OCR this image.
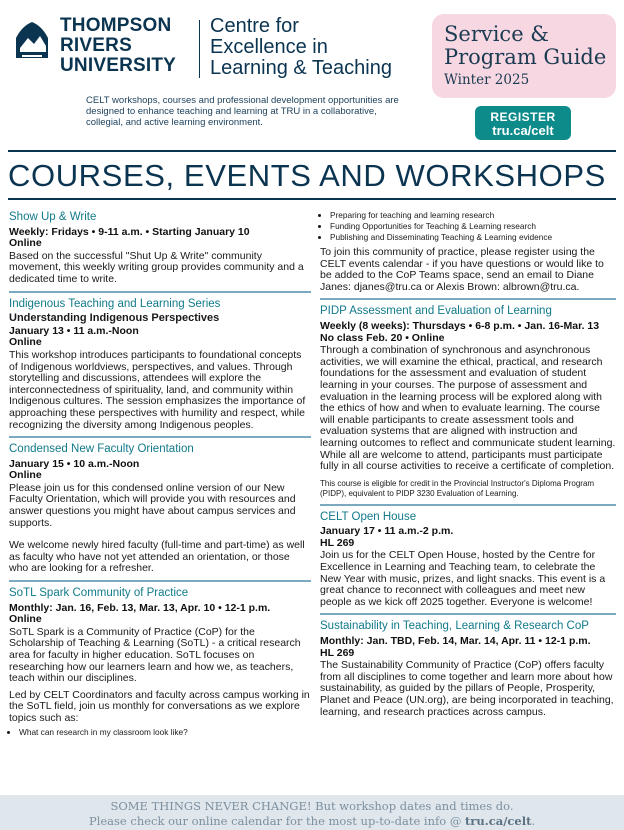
THOMPSON
RIVERS
UNIVERSITY
Centre for
Excellence in
Learning & Teaching
CELT workshops, courses and professional development opportunities are designed to enhance teaching and learning at TRU in a collaborative, collegial, and active learning environment.
Service &
Program Guide
Winter 2025
REGISTER
tru.ca/celt
COURSES, EVENTS AND WORKSHOPS
Show Up & Write
Weekly: Fridays • 9-11 a.m. • Starting January 10
Online
Based on the successful "Shut Up & Write" community movement, this weekly writing group provides community and a dedicated time to write.
Indigenous Teaching and Learning Series
Understanding Indigenous Perspectives
January 13 • 11 a.m.-Noon
Online
This workshop introduces participants to foundational concepts of Indigenous worldviews, perspectives, and values. Through storytelling and discussions, attendees will explore the interconnectedness of spirituality, land, and community within Indigenous cultures. The session emphasizes the importance of approaching these perspectives with humility and respect, while recognizing the diversity among Indigenous peoples.
Condensed New Faculty Orientation
January 15 • 10 a.m.-Noon
Online
Please join us for this condensed online version of our New Faculty Orientation, which will provide you with resources and answer questions you might have about campus services and supports.
We welcome newly hired faculty (full-time and part-time) as well as faculty who have not yet attended an orientation, or those who are looking for a refresher.
SoTL Spark Community of Practice
Monthly: Jan. 16, Feb. 13, Mar. 13, Apr. 10 • 12-1 p.m.
Online
SoTL Spark is a Community of Practice (CoP) for the Scholarship of Teaching & Learning (SoTL) - a critical research area for faculty in higher education. SoTL focuses on researching how our learners learn and how we, as teachers, teach within our disciplines.
Led by CELT Coordinators and faculty across campus working in the SoTL field, join us monthly for conversations as we explore topics such as:
• What can research in my classroom look like?
• Preparing for teaching and learning research
• Funding Opportunities for Teaching & Learning research
• Publishing and Disseminating Teaching & Learning evidence
To join this community of practice, please register using the CELT events calendar - if you have questions or would like to be added to the CoP Teams space, send an email to Diane Janes: djanes@tru.ca or Alexis Brown: albrown@tru.ca.
PIDP Assessment and Evaluation of Learning
Weekly (8 weeks): Thursdays • 6-8 p.m. • Jan. 16-Mar. 13
No class Feb. 20 • Online
Through a combination of synchronous and asynchronous activities, we will examine the ethical, practical, and research foundations for the assessment and evaluation of student learning in your courses. The purpose of assessment and evaluation in the learning process will be explored along with the ethics of how and when to evaluate learning. The course will enable participants to create assessment tools and evaluation systems that are aligned with instruction and learning outcomes to reflect and communicate student learning. While all are welcome to attend, participants must participate fully in all course activities to receive a certificate of completion.
This course is eligible for credit in the Provincial Instructor's Diploma Program (PIDP), equivalent to PIDP 3230 Evaluation of Learning.
CELT Open House
January 17 • 11 a.m.-2 p.m.
HL 269
Join us for the CELT Open House, hosted by the Centre for Excellence in Learning and Teaching team, to celebrate the New Year with music, prizes, and light snacks. This event is a great chance to reconnect with colleagues and meet new people as we kick off 2025 together. Everyone is welcome!
Sustainability in Teaching, Learning & Research CoP
Monthly: Jan. TBD, Feb. 14, Mar. 14, Apr. 11 • 12-1 p.m.
HL 269
The Sustainability Community of Practice (CoP) offers faculty from all disciplines to come together and learn more about how sustainability, as guided by the pillars of People, Prosperity, Planet and Peace (UN.org), are being incorporated in teaching, learning, and research practices across campus.
SOME THINGS NEVER CHANGE! But workshop dates and times do.
Please check our online calendar for the most up-to-date info @ tru.ca/celt.
